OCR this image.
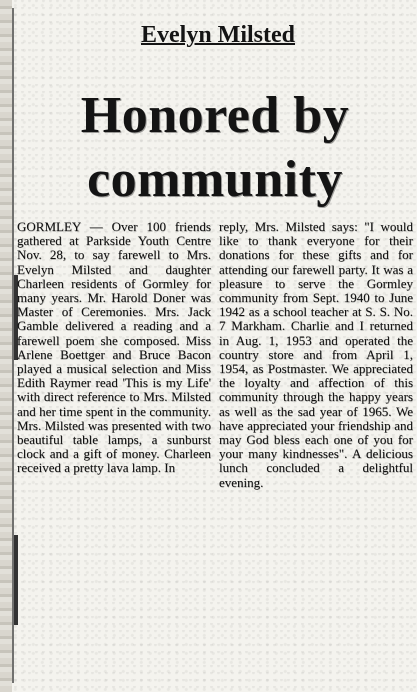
Evelyn Milsted
Honored by community

GORMLEY — Over 100 friends gathered at Parkside Youth Centre Nov. 28, to say farewell to Mrs. Evelyn Milsted and daughter Charleen residents of Gormley for many years. Mr. Harold Doner was Master of Ceremonies. Mrs. Jack Gamble delivered a reading and a farewell poem she composed. Miss Arlene Boettger and Bruce Bacon played a musical selection and Miss Edith Raymer read 'This is my Life' with direct reference to Mrs. Milsted and her time spent in the community. Mrs. Milsted was presented with two beautiful table lamps, a sunburst clock and a gift of money. Charleen received a pretty lava lamp. In

reply, Mrs. Milsted says: "I would like to thank everyone for their donations for these gifts and for attending our farewell party. It was a pleasure to serve the Gormley community from Sept. 1940 to June 1942 as a school teacher at S. S. No. 7 Markham. Charlie and I returned in Aug. 1, 1953 and operated the country store and from April 1, 1954, as Postmaster. We appreciated the loyalty and affection of this community through the happy years as well as the sad year of 1965. We have appreciated your friendship and may God bless each one of you for your many kindnesses". A delicious lunch concluded a delightful evening.
